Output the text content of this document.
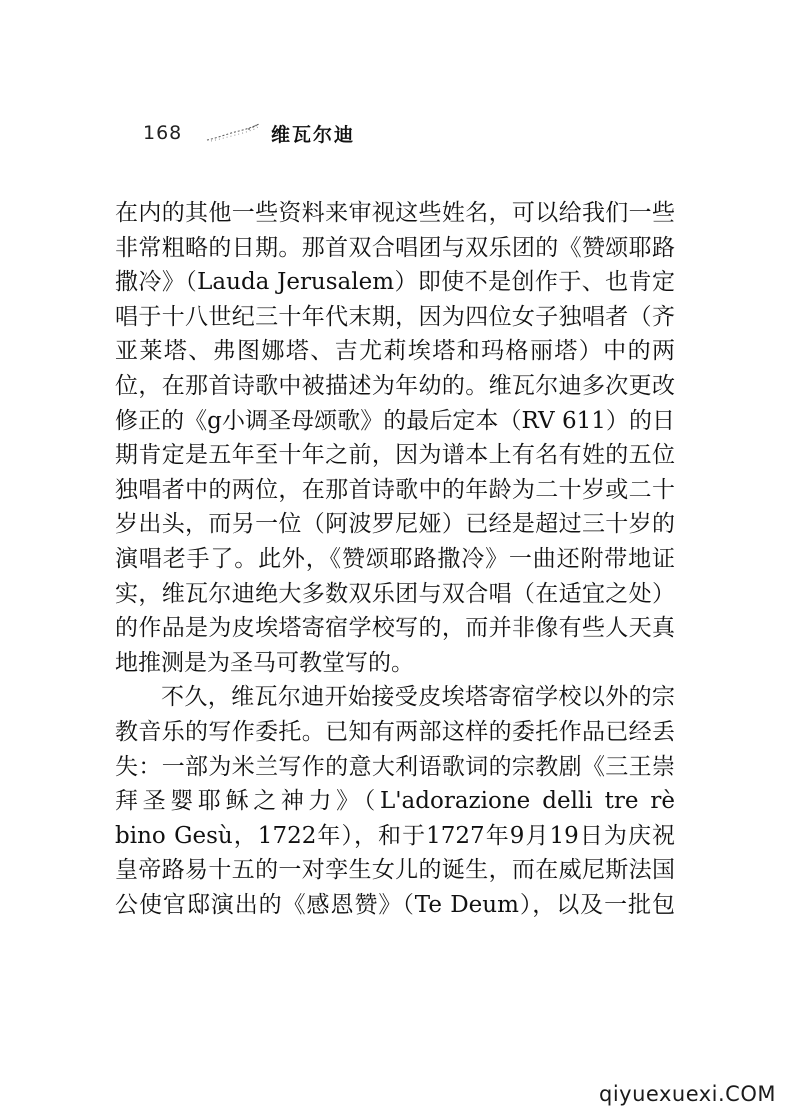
168	维瓦尔迪
在内的其他一些资料来审视这些姓名，可以给我们一些
非常粗略的日期。那首双合唱团与双乐团的《赞颂耶路
撒冷》（Lauda Jerusalem）即使不是创作于、也肯定
唱于十八世纪三十年代末期，因为四位女子独唱者（齐
亚莱塔、弗图娜塔、吉尤莉埃塔和玛格丽塔）中的两
位，在那首诗歌中被描述为年幼的。维瓦尔迪多次更改
修正的《g小调圣母颂歌》的最后定本（RV 611）的日
期肯定是五年至十年之前，因为谱本上有名有姓的五位
独唱者中的两位，在那首诗歌中的年龄为二十岁或二十
岁出头，而另一位（阿波罗尼娅）已经是超过三十岁的
演唱老手了。此外，《赞颂耶路撒冷》一曲还附带地证
实，维瓦尔迪绝大多数双乐团与双合唱（在适宜之处）
的作品是为皮埃塔寄宿学校写的，而并非像有些人天真
地推测是为圣马可教堂写的。
不久，维瓦尔迪开始接受皮埃塔寄宿学校以外的宗
教音乐的写作委托。已知有两部这样的委托作品已经丢
失：一部为米兰写作的意大利语歌词的宗教剧《三王崇
拜圣婴耶稣之神力》（L'adorazione delli tre rè
bino Gesù，1722年），和于1727年9月19日为庆祝
皇帝路易十五的一对孪生女儿的诞生，而在威尼斯法国
公使官邸演出的《感恩赞》（Te Deum），以及一批包
qiyuexuexi.COM
